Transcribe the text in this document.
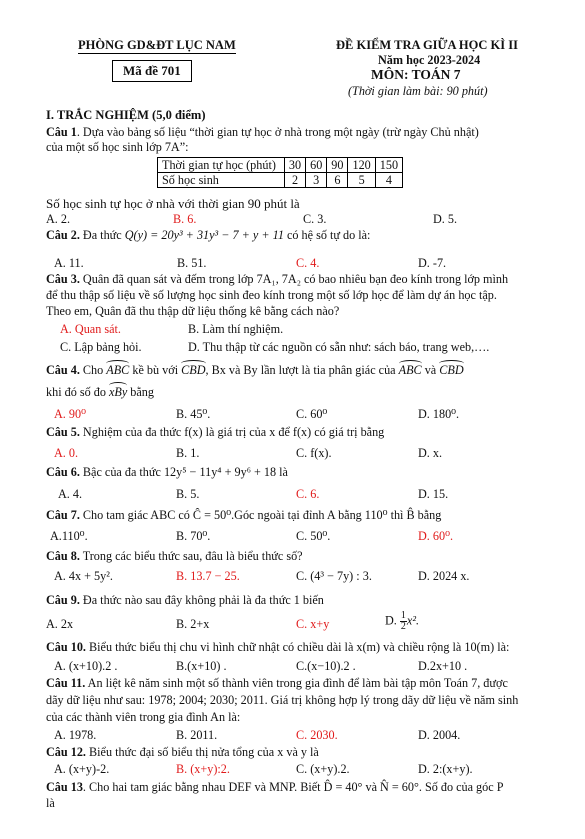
PHÒNG GD&ĐT LỤC NAM
Mã đề 701
ĐỀ KIỂM TRA GIỮA HỌC KÌ II
Năm học 2023-2024
MÔN: TOÁN 7
(Thời gian làm bài: 90 phút)
I. TRẮC NGHIỆM (5,0 điểm)
Câu 1. Dựa vào bảng số liệu “thời gian tự học ở nhà trong một ngày (trừ ngày Chủ nhật)
của một số học sinh lớp 7A”:
Thời gian tự học (phút)	30	60	90	120	150
Số học sinh	2	3	6	5	4
Số học sinh tự học ở nhà với thời gian 90 phút là
A. 2.	B. 6.	C. 3.	D. 5.
Câu 2. Đa thức Q(y) = 20y³ + 31y³ − 7 + y + 11 có hệ số tự do là:
A. 11.	B. 51.	C. 4.	D. -7.
Câu 3. Quân đã quan sát và đếm trong lớp 7A₁, 7A₂ có bao nhiêu bạn đeo kính trong lớp mình
để thu thập số liệu về số lượng học sinh đeo kính trong một số lớp học để làm dự án học tập.
Theo em, Quân đã thu thập dữ liệu thống kê bằng cách nào?
A. Quan sát.	B. Làm thí nghiệm.
C. Lập bảng hỏi.	D. Thu thập từ các nguồn có sẵn như: sách báo, trang web,….
Câu 4. Cho ABC kề bù với CBD, Bx và By lần lượt là tia phân giác của ABC và CBD
khi đó số đo xBy bằng
A. 90⁰	B. 45⁰.	C. 60⁰	D. 180⁰.
Câu 5. Nghiệm của đa thức f(x) là giá trị của x để f(x) có giá trị bằng
A. 0.	B. 1.	C. f(x).	D. x.
Câu 6. Bậc của đa thức 12y⁵ − 11y⁴ + 9y⁶ + 18 là
A. 4.	B. 5.	C. 6.	D. 15.
Câu 7. Cho tam giác ABC có Ĉ = 50⁰.Góc ngoài tại đỉnh A bằng 110⁰ thì B̂ bằng
A.110⁰.	B. 70⁰.	C. 50⁰.	D. 60⁰.
Câu 8. Trong các biểu thức sau, đâu là biểu thức số?
A. 4x + 5y².	B. 13.7 − 25.	C. (4³ − 7y) : 3.	D. 2024 x.
Câu 9. Đa thức nào sau đây không phải là đa thức 1 biến
A. 2x	B. 2+x	C. x+y	D. $\frac{1}{2} x^2$.
Câu 10. Biểu thức biểu thị chu vi hình chữ nhật có chiều dài là x(m) và chiều rộng là 10(m) là:
A. (x+10).2 .	B.(x+10) .	C.(x−10).2 .	D.2x+10 .
Câu 11. An liệt kê năm sinh một số thành viên trong gia đình để làm bài tập môn Toán 7, được
dãy dữ liệu như sau: 1978; 2004; 2030; 2011. Giá trị không hợp lý trong dãy dữ liệu về năm sinh
của các thành viên trong gia đình An là:
A. 1978.	B. 2011.	C. 2030.	D. 2004.
Câu 12. Biểu thức đại số biểu thị nửa tổng của x và y là
A. (x+y)-2.	B. (x+y):2.	C. (x+y).2.	D. 2:(x+y).
Câu 13. Cho hai tam giác bằng nhau DEF và MNP. Biết D̂ = 40° và N̂ = 60°. Số đo của góc P
là
